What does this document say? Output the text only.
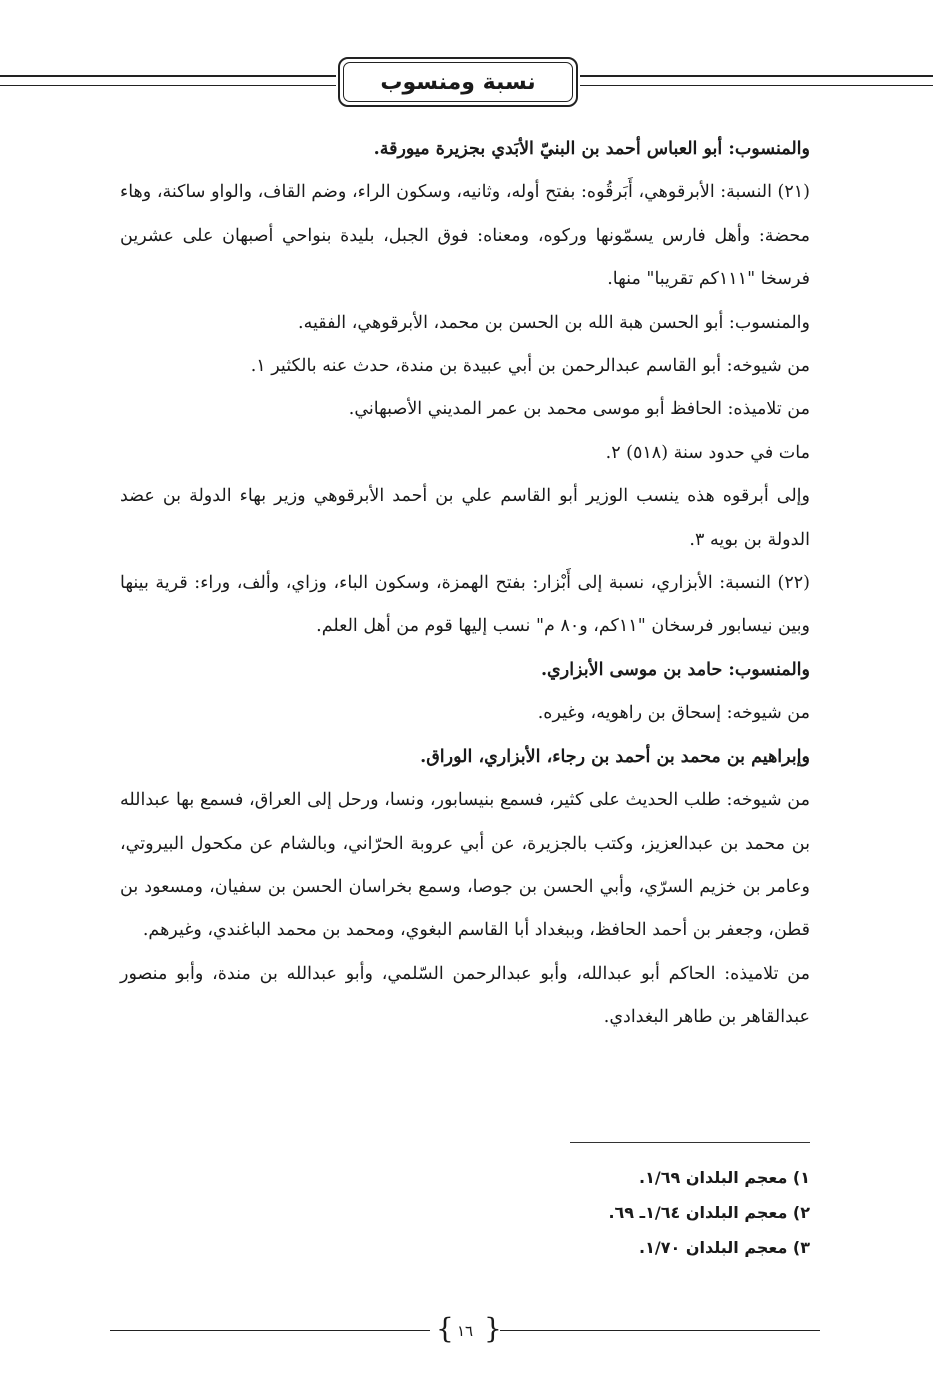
نسبة ومنسوب

والمنسوب: أبو العباس أحمد بن البنيّ الأبَدي بجزيرة ميورقة.

(٢١) النسبة: الأبرقوهي، أَبَرقُوه: بفتح أوله، وثانيه، وسكون الراء، وضم القاف، والواو ساكنة، وهاء محضة: وأهل فارس يسمّونها وركوه، ومعناه: فوق الجبل، بليدة بنواحي أصبهان على عشرين فرسخا "١١١كم تقريبا" منها.

والمنسوب: أبو الحسن هبة الله بن الحسن بن محمد، الأبرقوهي، الفقيه.

من شيوخه: أبو القاسم عبدالرحمن بن أبي عبيدة بن مندة، حدث عنه بالكثير ١.

من تلاميذه: الحافظ أبو موسى محمد بن عمر المديني الأصبهاني.

مات في حدود سنة (٥١٨) ٢.

وإلى أبرقوه هذه ينسب الوزير أبو القاسم علي بن أحمد الأبرقوهي وزير بهاء الدولة بن عضد الدولة بن بويه ٣.

(٢٢) النسبة: الأبزاري، نسبة إلى أَبْزار: بفتح الهمزة، وسكون الباء، وزاي، وألف، وراء: قرية بينها وبين نيسابور فرسخان "١١كم، و٨٠ م" نسب إليها قوم من أهل العلم.

والمنسوب: حامد بن موسى الأبزاري.

من شيوخه: إسحاق بن راهويه، وغيره.

وإبراهيم بن محمد بن أحمد بن رجاء، الأبزاري، الوراق.

من شيوخه: طلب الحديث على كثير، فسمع بنيسابور، ونسا، ورحل إلى العراق، فسمع بها عبدالله بن محمد بن عبدالعزيز، وكتب بالجزيرة، عن أبي عروبة الحرّاني، وبالشام عن مكحول البيروتي، وعامر بن خزيم السرّي، وأبي الحسن بن جوصا، وسمع بخراسان الحسن بن سفيان، ومسعود بن قطن، وجعفر بن أحمد الحافظ، وببغداد أبا القاسم البغوي، ومحمد بن محمد الباغندي، وغيرهم.

من تلاميذه: الحاكم أبو عبدالله، وأبو عبدالرحمن السّلمي، وأبو عبدالله بن مندة، وأبو منصور عبدالقاهر بن طاهر البغدادي.

١) معجم البلدان ١/٦٩.

٢) معجم البلدان ١/٦٤ـ ٦٩.

٣) معجم البلدان ١/٧٠.

{ }
١٦
